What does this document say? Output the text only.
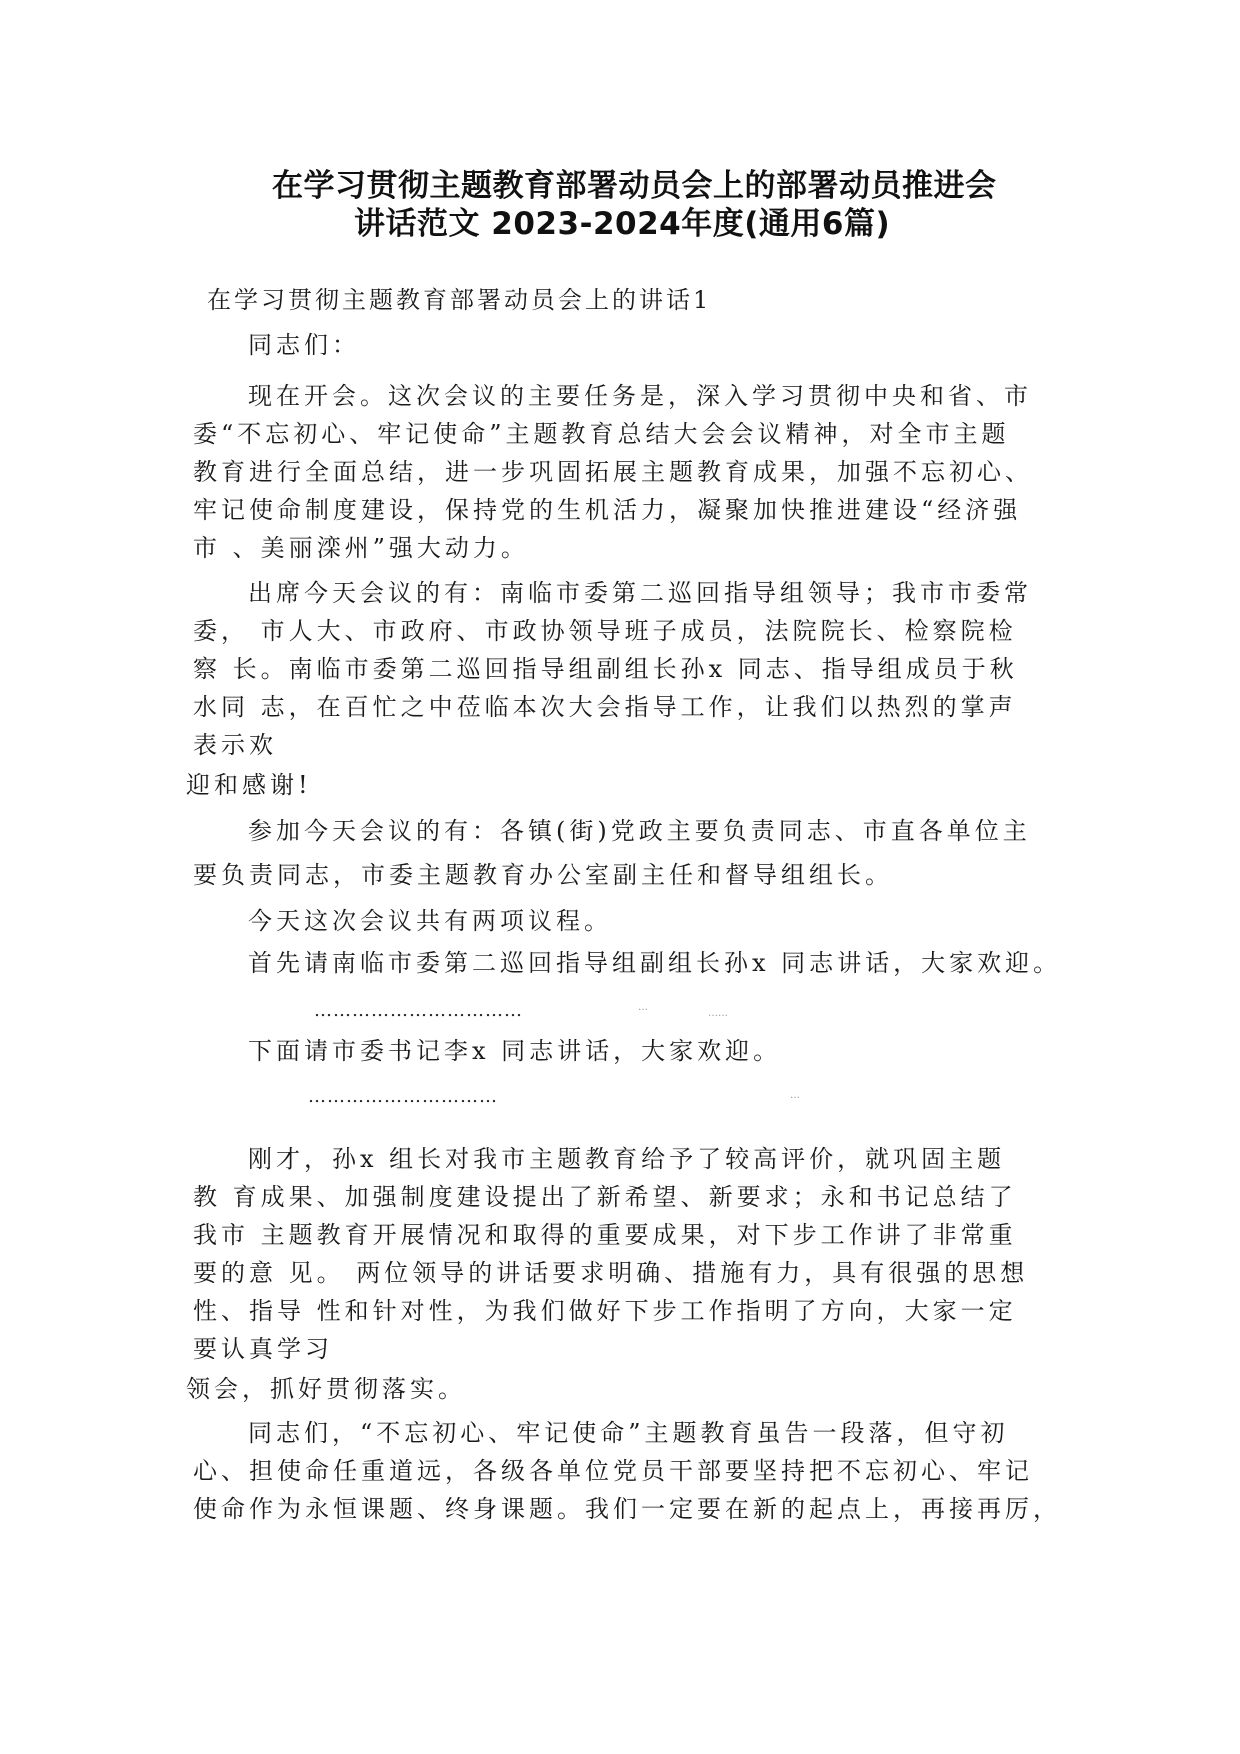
在学习贯彻主题教育部署动员会上的部署动员推进会
讲话范文 2023-2024年度(通用6篇)
在学习贯彻主题教育部署动员会上的讲话1
同志们：
现在开会。这次会议的主要任务是，深入学习贯彻中央和省、市
委“不忘初心、牢记使命”主题教育总结大会会议精神，对全市主题
教育进行全面总结，进一步巩固拓展主题教育成果，加强不忘初心、
牢记使命制度建设，保持党的生机活力，凝聚加快推进建设“经济强
市 、美丽滦州”强大动力。
出席今天会议的有：南临市委第二巡回指导组领导；我市市委常
委， 市人大、市政府、市政协领导班子成员，法院院长、检察院检
察 长。南临市委第二巡回指导组副组长孙x 同志、指导组成员于秋
水同 志，在百忙之中莅临本次大会指导工作，让我们以热烈的掌声
表示欢
迎和感谢!
参加今天会议的有：各镇(街)党政主要负责同志、市直各单位主
要负责同志，市委主题教育办公室副主任和督导组组长。
今天这次会议共有两项议程。
首先请南临市委第二巡回指导组副组长孙x 同志讲话，大家欢迎。
……………………………	…
……
下面请市委书记李x 同志讲话，大家欢迎。
…………………………	…
刚才，孙x 组长对我市主题教育给予了较高评价，就巩固主题
教 育成果、加强制度建设提出了新希望、新要求；永和书记总结了
我市 主题教育开展情况和取得的重要成果，对下步工作讲了非常重
要的意 见。 两位领导的讲话要求明确、措施有力，具有很强的思想
性、指导 性和针对性，为我们做好下步工作指明了方向，大家一定
要认真学习
领会，抓好贯彻落实。
同志们，“不忘初心、牢记使命”主题教育虽告一段落，但守初
心、担使命任重道远，各级各单位党员干部要坚持把不忘初心、牢记
使命作为永恒课题、终身课题。我们一定要在新的起点上，再接再厉，
